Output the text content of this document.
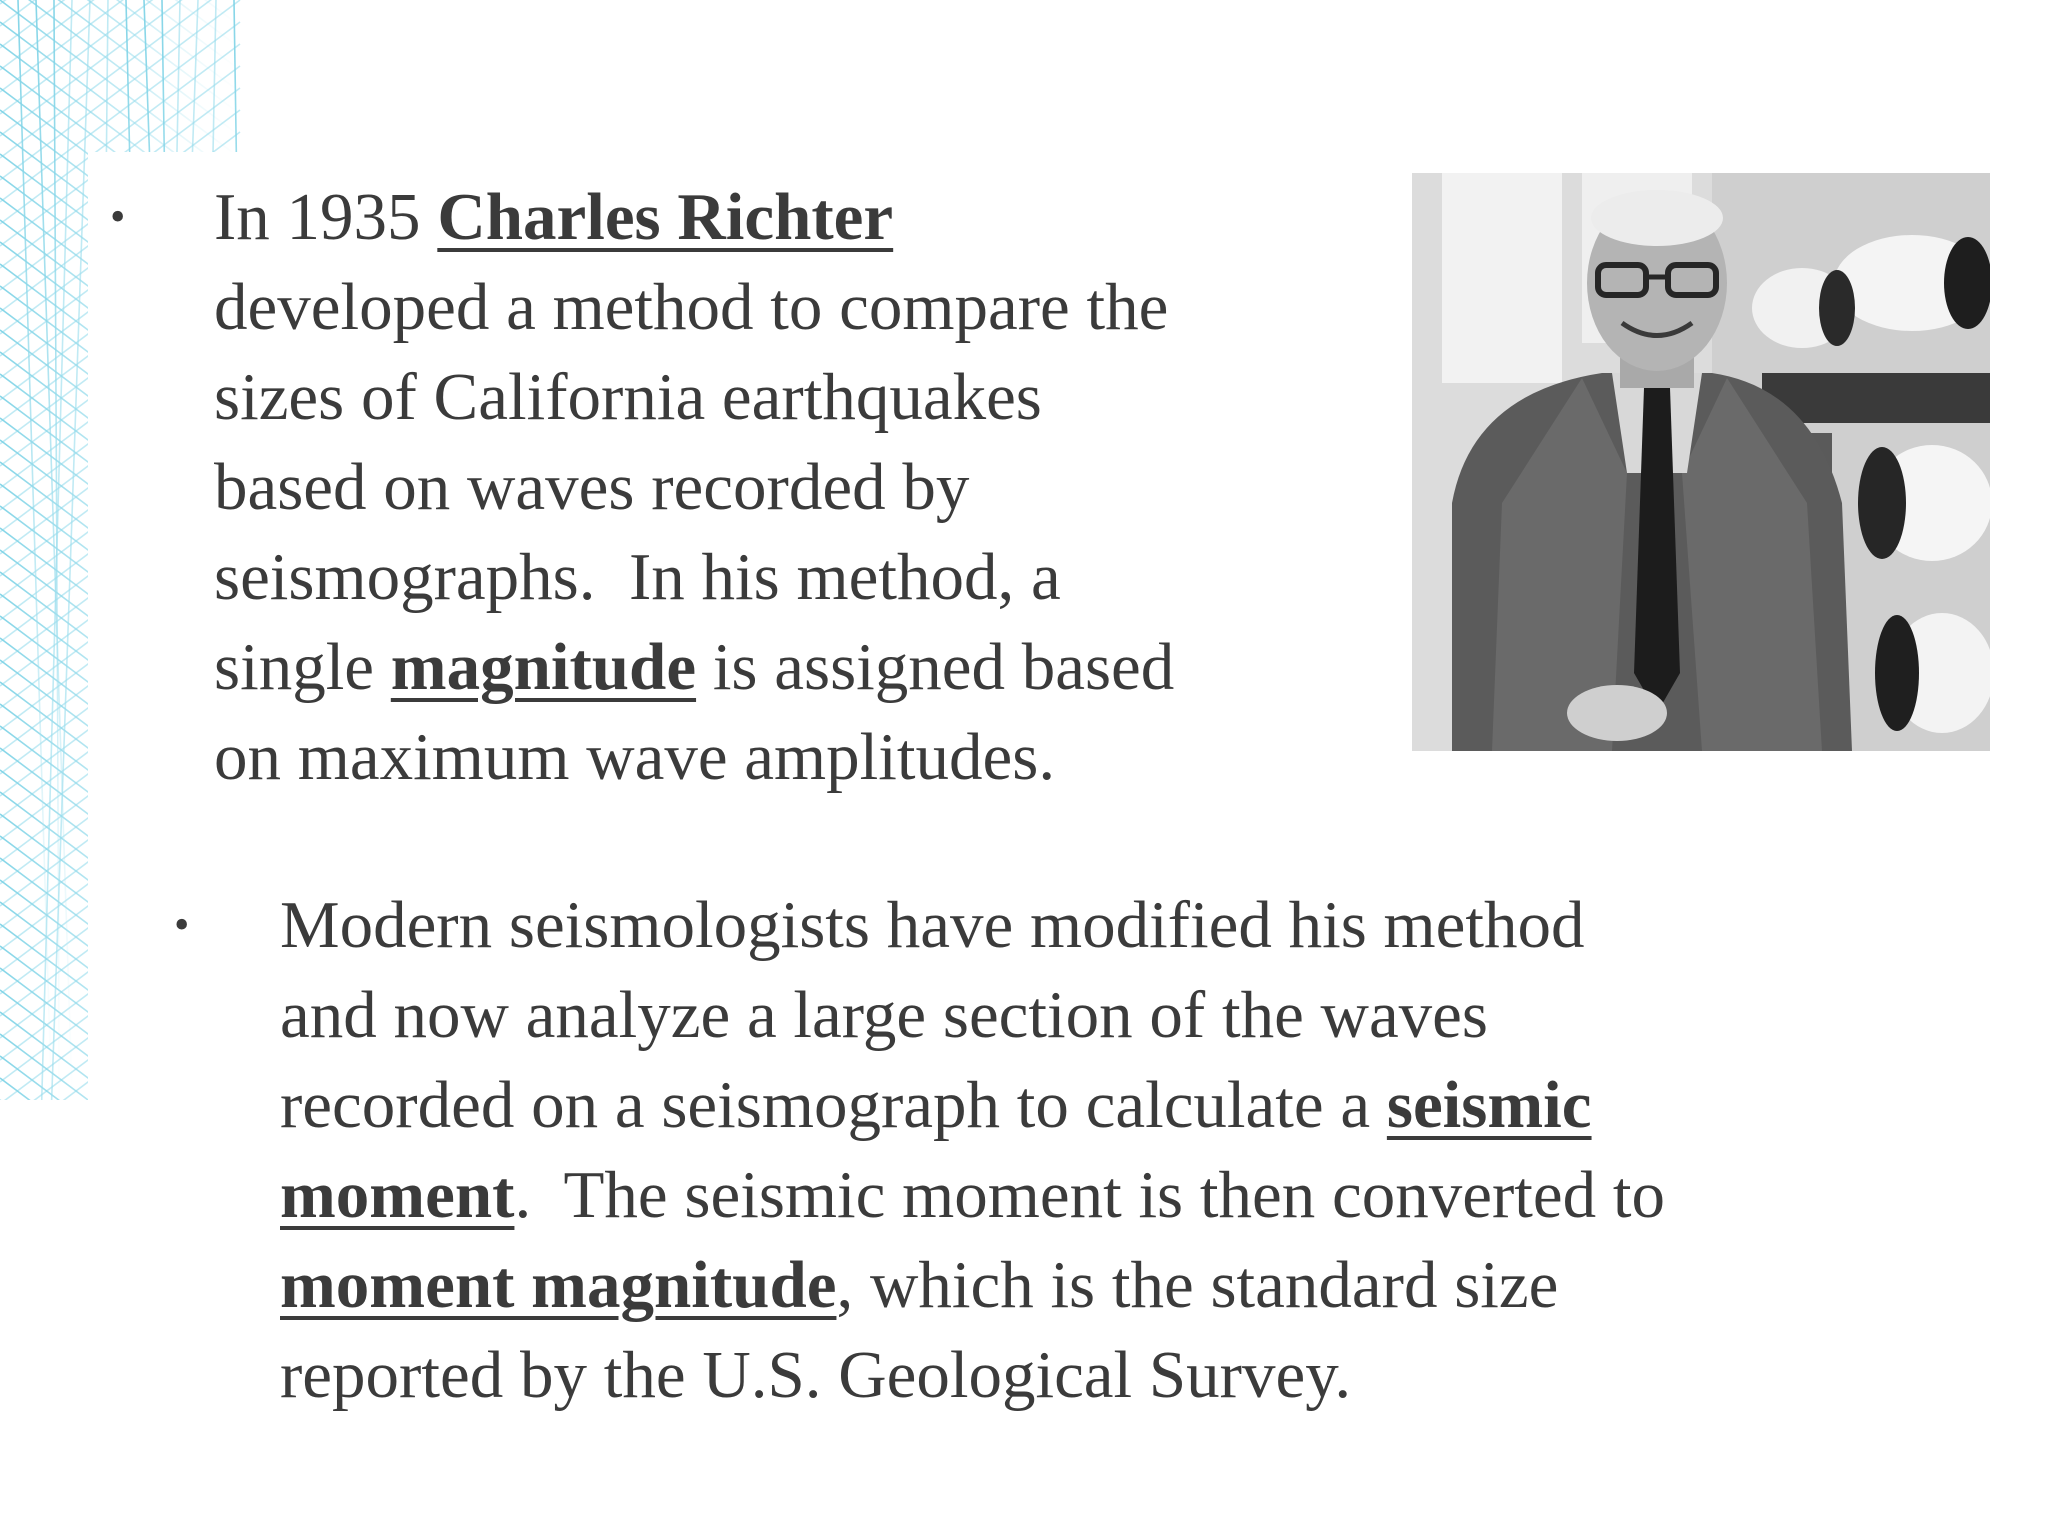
• In 1935 Charles Richter
developed a method to compare the
sizes of California earthquakes
based on waves recorded by
seismographs.  In his method, a
single magnitude is assigned based
on maximum wave amplitudes.
• Modern seismologists have modified his method
and now analyze a large section of the waves
recorded on a seismograph to calculate a seismic
moment.  The seismic moment is then converted to
moment magnitude, which is the standard size
reported by the U.S. Geological Survey.
